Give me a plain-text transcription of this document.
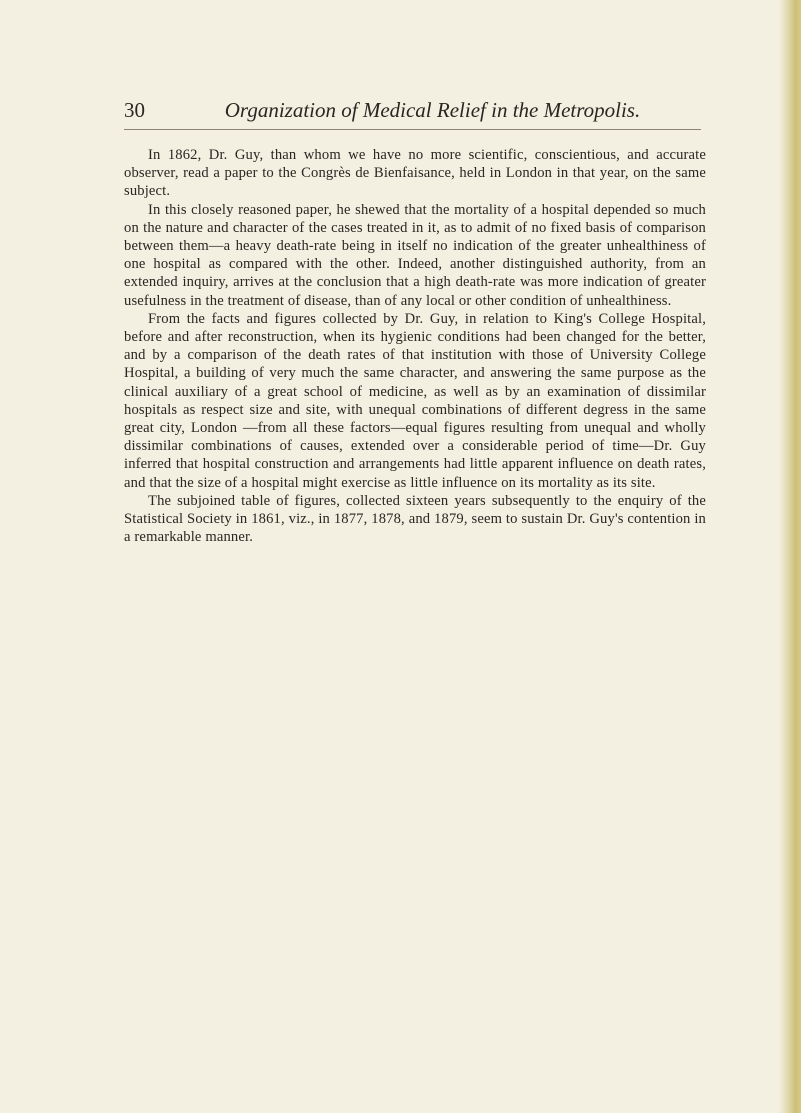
30	Organization of Medical Relief in the Metropolis.

In 1862, Dr. Guy, than whom we have no more scientific, conscientious, and accurate observer, read a paper to the Congrès de Bienfaisance, held in London in that year, on the same subject.

In this closely reasoned paper, he shewed that the mortality of a hospital depended so much on the nature and character of the cases treated in it, as to admit of no fixed basis of comparison between them—a heavy death-rate being in itself no indication of the greater unhealthiness of one hospital as compared with the other. Indeed, another distinguished authority, from an extended inquiry, arrives at the conclusion that a high death-rate was more indication of greater usefulness in the treatment of disease, than of any local or other condition of unhealthiness.

From the facts and figures collected by Dr. Guy, in relation to King's College Hospital, before and after reconstruction, when its hygienic conditions had been changed for the better, and by a comparison of the death rates of that institution with those of University College Hospital, a building of very much the same character, and answering the same purpose as the clinical auxiliary of a great school of medicine, as well as by an examination of dissimilar hospitals as respect size and site, with unequal combinations of different degress in the same great city, London —from all these factors—equal figures resulting from unequal and wholly dissimilar combinations of causes, extended over a considerable period of time—Dr. Guy inferred that hospital construction and arrangements had little apparent influence on death rates, and that the size of a hospital might exercise as little influence on its mortality as its site.

The subjoined table of figures, collected sixteen years subsequently to the enquiry of the Statistical Society in 1861, viz., in 1877, 1878, and 1879, seem to sustain Dr. Guy's contention in a remarkable manner.
